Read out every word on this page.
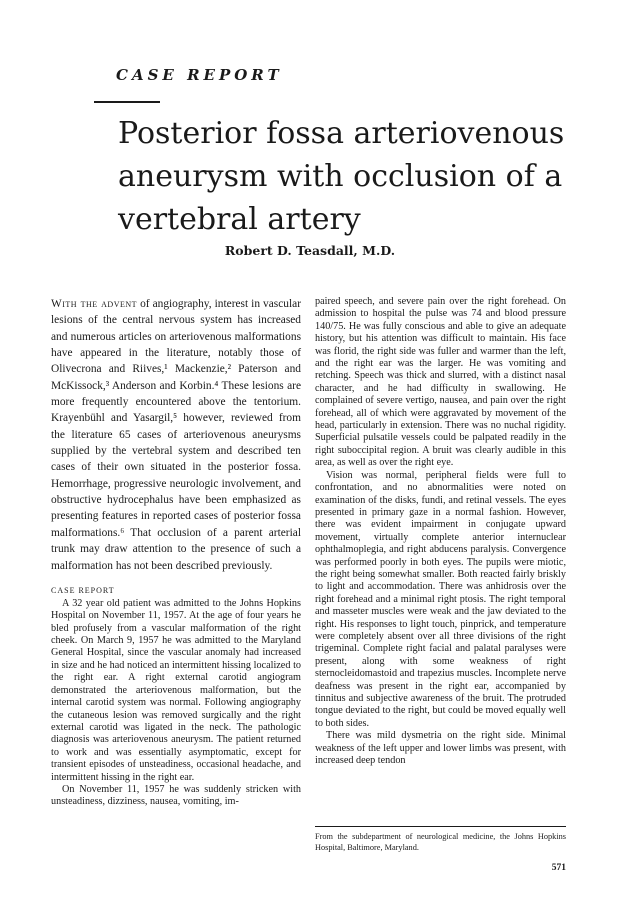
CASE REPORT
Posterior fossa arteriovenous aneurysm with occlusion of a vertebral artery
Robert D. Teasdall, M.D.

With the advent of angiography, interest in vascular lesions of the central nervous system has increased and numerous articles on arteriovenous malformations have appeared in the literature, notably those of Olivecrona and Riives,¹ Mackenzie,² Paterson and McKissock,³ Anderson and Korbin.⁴ These lesions are more frequently encountered above the tentorium. Krayenbühl and Yasargil,⁵ however, reviewed from the literature 65 cases of arteriovenous aneurysms supplied by the vertebral system and described ten cases of their own situated in the posterior fossa. Hemorrhage, progressive neurologic involvement, and obstructive hydrocephalus have been emphasized as presenting features in reported cases of posterior fossa malformations.⁶ That occlusion of a parent arterial trunk may draw attention to the presence of such a malformation has not been described previously.

CASE REPORT

A 32 year old patient was admitted to the Johns Hopkins Hospital on November 11, 1957. At the age of four years he bled profusely from a vascular malformation of the right cheek. On March 9, 1957 he was admitted to the Maryland General Hospital, since the vascular anomaly had increased in size and he had noticed an intermittent hissing localized to the right ear. A right external carotid angiogram demonstrated the arteriovenous malformation, but the internal carotid system was normal. Following angiography the cutaneous lesion was removed surgically and the right external carotid was ligated in the neck. The pathologic diagnosis was arteriovenous aneurysm. The patient returned to work and was essentially asymptomatic, except for transient episodes of unsteadiness, occasional headache, and intermittent hissing in the right ear.

On November 11, 1957 he was suddenly stricken with unsteadiness, dizziness, nausea, vomiting, im-

paired speech, and severe pain over the right forehead. On admission to hospital the pulse was 74 and blood pressure 140/75. He was fully conscious and able to give an adequate history, but his attention was difficult to maintain. His face was florid, the right side was fuller and warmer than the left, and the right ear was the larger. He was vomiting and retching. Speech was thick and slurred, with a distinct nasal character, and he had difficulty in swallowing. He complained of severe vertigo, nausea, and pain over the right forehead, all of which were aggravated by movement of the head, particularly in extension. There was no nuchal rigidity. Superficial pulsatile vessels could be palpated readily in the right suboccipital region. A bruit was clearly audible in this area, as well as over the right eye.

Vision was normal, peripheral fields were full to confrontation, and no abnormalities were noted on examination of the disks, fundi, and retinal vessels. The eyes presented in primary gaze in a normal fashion. However, there was evident impairment in conjugate upward movement, virtually complete anterior internuclear ophthalmoplegia, and right abducens paralysis. Convergence was performed poorly in both eyes. The pupils were miotic, the right being somewhat smaller. Both reacted fairly briskly to light and accommodation. There was anhidrosis over the right forehead and a minimal right ptosis. The right temporal and masseter muscles were weak and the jaw deviated to the right. His responses to light touch, pinprick, and temperature were completely absent over all three divisions of the right trigeminal. Complete right facial and palatal paralyses were present, along with some weakness of right sternocleidomastoid and trapezius muscles. Incomplete nerve deafness was present in the right ear, accompanied by tinnitus and subjective awareness of the bruit. The protruded tongue deviated to the right, but could be moved equally well to both sides.

There was mild dysmetria on the right side. Minimal weakness of the left upper and lower limbs was present, with increased deep tendon

From the subdepartment of neurological medicine, the Johns Hopkins Hospital, Baltimore, Maryland.

571
